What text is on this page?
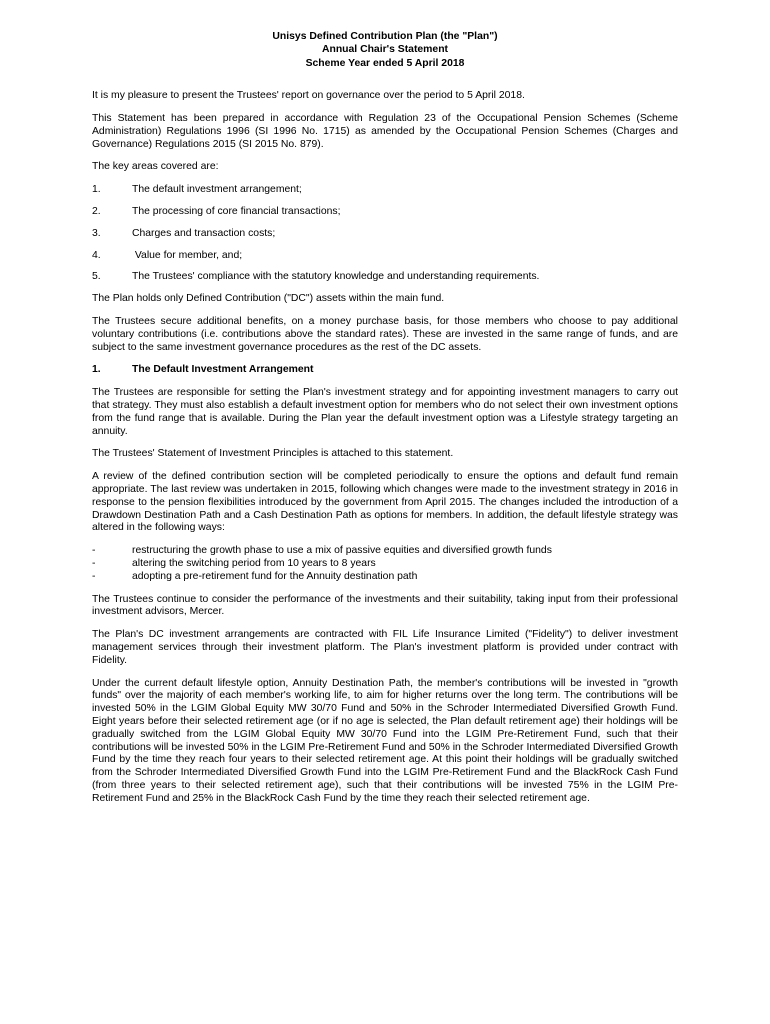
Unisys Defined Contribution Plan (the "Plan")
Annual Chair's Statement
Scheme Year ended 5 April 2018

It is my pleasure to present the Trustees' report on governance over the period to 5 April 2018.

This Statement has been prepared in accordance with Regulation 23 of the Occupational Pension Schemes (Scheme Administration) Regulations 1996 (SI 1996 No. 1715) as amended by the Occupational Pension Schemes (Charges and Governance) Regulations 2015 (SI 2015 No. 879).

The key areas covered are:

1.	The default investment arrangement;
2.	The processing of core financial transactions;
3.	Charges and transaction costs;
4.	Value for member, and;
5.	The Trustees' compliance with the statutory knowledge and understanding requirements.

The Plan holds only Defined Contribution ("DC") assets within the main fund.

The Trustees secure additional benefits, on a money purchase basis, for those members who choose to pay additional voluntary contributions (i.e. contributions above the standard rates). These are invested in the same range of funds, and are subject to the same investment governance procedures as the rest of the DC assets.

1.	The Default Investment Arrangement

The Trustees are responsible for setting the Plan's investment strategy and for appointing investment managers to carry out that strategy. They must also establish a default investment option for members who do not select their own investment options from the fund range that is available. During the Plan year the default investment option was a Lifestyle strategy targeting an annuity.

The Trustees' Statement of Investment Principles is attached to this statement.

A review of the defined contribution section will be completed periodically to ensure the options and default fund remain appropriate. The last review was undertaken in 2015, following which changes were made to the investment strategy in 2016 in response to the pension flexibilities introduced by the government from April 2015. The changes included the introduction of a Drawdown Destination Path and a Cash Destination Path as options for members. In addition, the default lifestyle strategy was altered in the following ways:

-	restructuring the growth phase to use a mix of passive equities and diversified growth funds
-	altering the switching period from 10 years to 8 years
-	adopting a pre-retirement fund for the Annuity destination path

The Trustees continue to consider the performance of the investments and their suitability, taking input from their professional investment advisors, Mercer.

The Plan's DC investment arrangements are contracted with FIL Life Insurance Limited ("Fidelity") to deliver investment management services through their investment platform. The Plan's investment platform is provided under contract with Fidelity.

Under the current default lifestyle option, Annuity Destination Path, the member's contributions will be invested in "growth funds" over the majority of each member's working life, to aim for higher returns over the long term. The contributions will be invested 50% in the LGIM Global Equity MW 30/70 Fund and 50% in the Schroder Intermediated Diversified Growth Fund. Eight years before their selected retirement age (or if no age is selected, the Plan default retirement age) their holdings will be gradually switched from the LGIM Global Equity MW 30/70 Fund into the LGIM Pre-Retirement Fund, such that their contributions will be invested 50% in the LGIM Pre-Retirement Fund and 50% in the Schroder Intermediated Diversified Growth Fund by the time they reach four years to their selected retirement age. At this point their holdings will be gradually switched from the Schroder Intermediated Diversified Growth Fund into the LGIM Pre-Retirement Fund and the BlackRock Cash Fund (from three years to their selected retirement age), such that their contributions will be invested 75% in the LGIM Pre-Retirement Fund and 25% in the BlackRock Cash Fund by the time they reach their selected retirement age.
